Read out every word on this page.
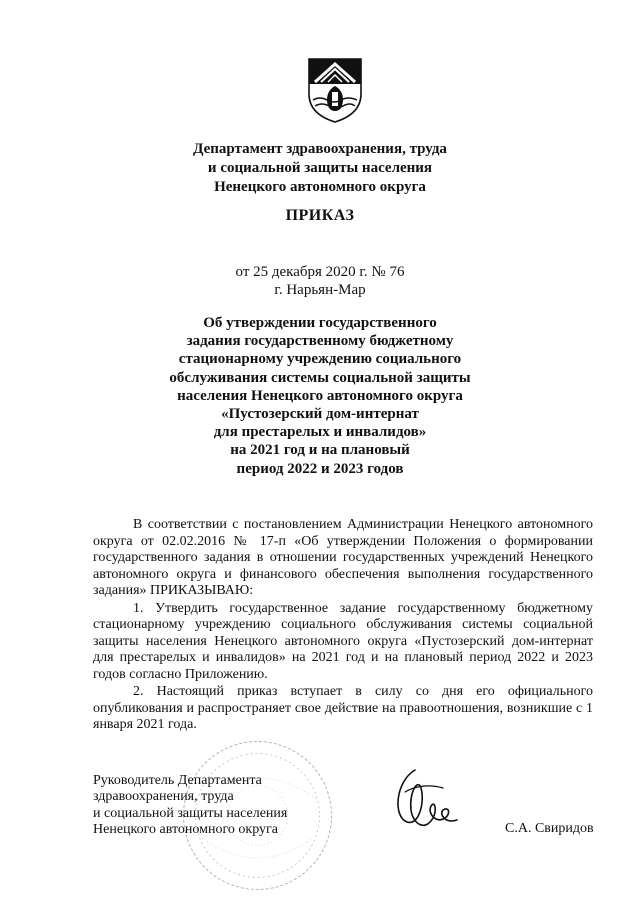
Департамент здравоохранения, труда
и социальной защиты населения
Ненецкого автономного округа
ПРИКАЗ
от 25 декабря 2020 г. № 76
г. Нарьян-Мар
Об утверждении государственного
задания государственному бюджетному
стационарному учреждению социального
обслуживания системы социальной защиты
населения Ненецкого автономного округа
«Пустозерский дом-интернат
для престарелых и инвалидов»
на 2021 год и на плановый
период 2022 и 2023 годов

В соответствии с постановлением Администрации Ненецкого автономного округа от 02.02.2016 № 17-п «Об утверждении Положения о формировании государственного задания в отношении государственных учреждений Ненецкого автономного округа и финансового обеспечения выполнения государственного задания» ПРИКАЗЫВАЮ:

1. Утвердить государственное задание государственному бюджетному стационарному учреждению социального обслуживания системы социальной защиты населения Ненецкого автономного округа «Пустозерский дом-интернат для престарелых и инвалидов» на 2021 год и на плановый период 2022 и 2023 годов согласно Приложению.

2. Настоящий приказ вступает в силу со дня его официального опубликования и распространяет свое действие на правоотношения, возникшие с 1 января 2021 года.

Руководитель Департамента
здравоохранения, труда
и социальной защиты населения
Ненецкого автономного округа	С.А. Свиридов
